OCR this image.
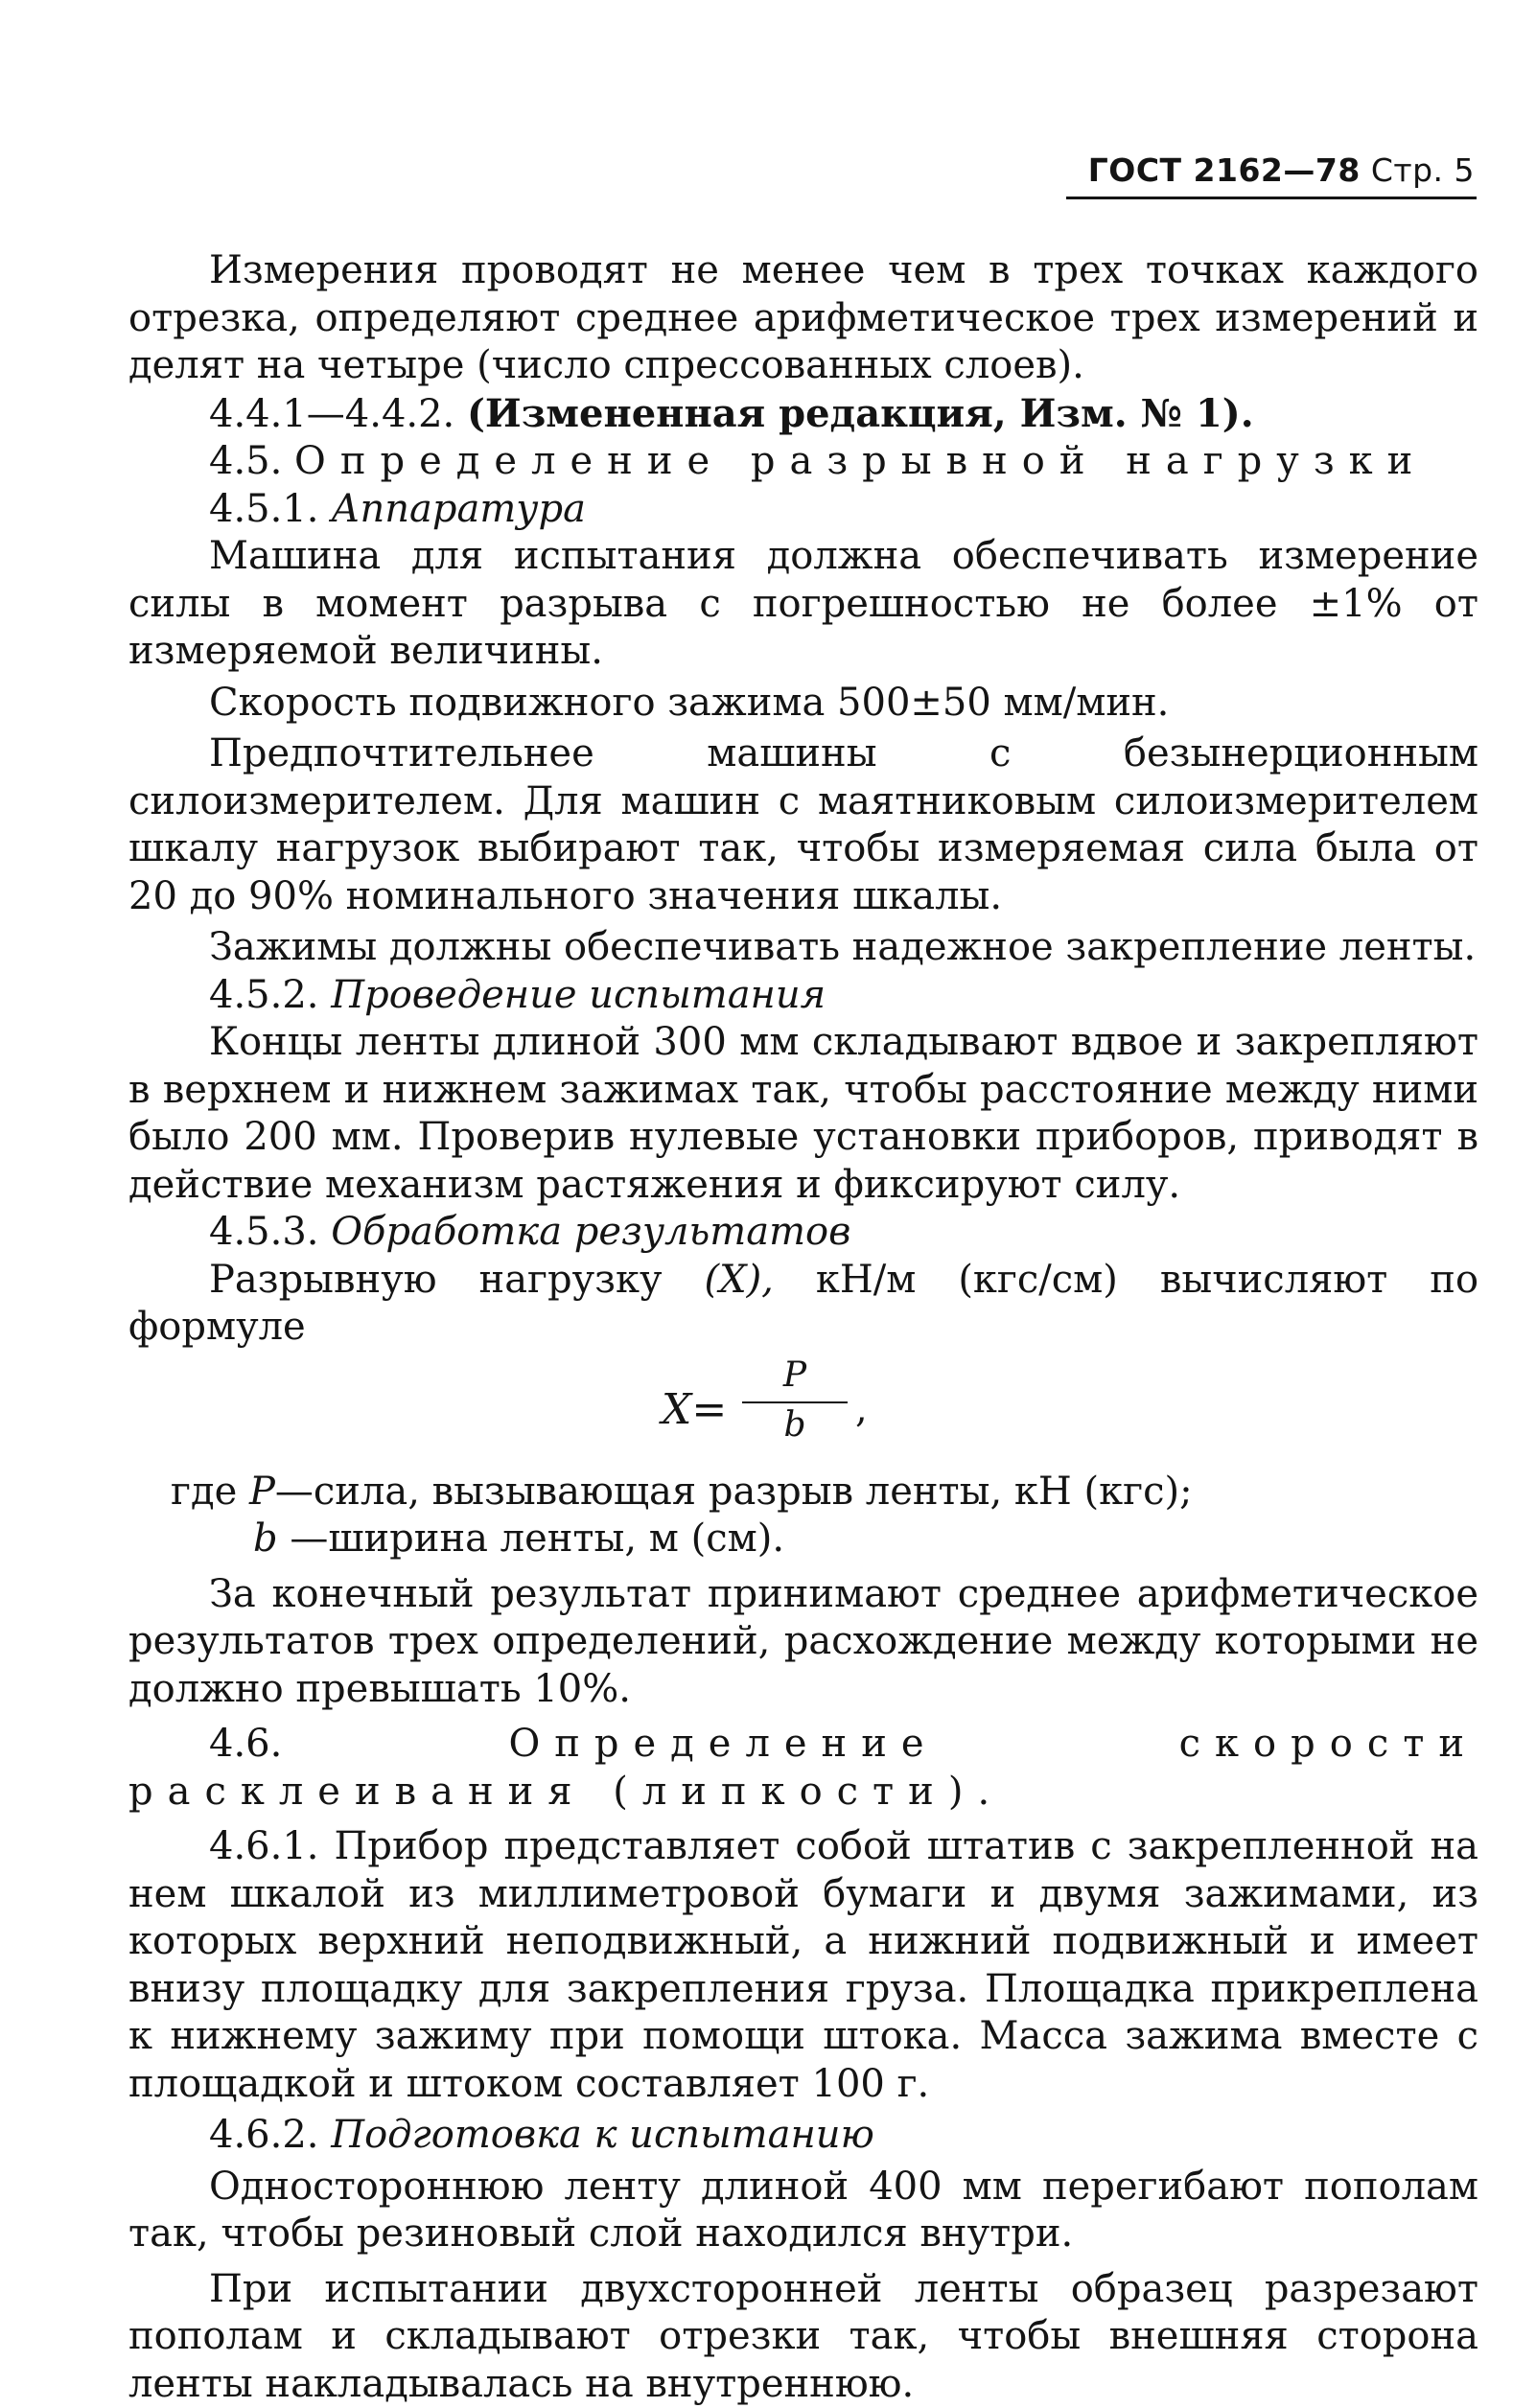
ГОСТ 2162—78 Стр. 5

Измерения проводят не менее чем в трех точках каждого отрезка, определяют среднее арифметическое трех измерений и делят на четыре (число спрессованных слоев).

4.4.1—4.4.2. (Измененная редакция, Изм. № 1).

4.5. Определение разрывной нагрузки

4.5.1. Аппаратура

Машина для испытания должна обеспечивать измерение силы в момент разрыва с погрешностью не более ±1% от измеряемой величины.

Скорость подвижного зажима 500±50 мм/мин.

Предпочтительнее машины с безынерционным силоизмерителем. Для машин с маятниковым силоизмерителем шкалу нагрузок выбирают так, чтобы измеряемая сила была от 20 до 90% номинального значения шкалы.

Зажимы должны обеспечивать надежное закрепление ленты.

4.5.2. Проведение испытания

Концы ленты длиной 300 мм складывают вдвое и закрепляют в верхнем и нижнем зажимах так, чтобы расстояние между ними было 200 мм. Проверив нулевые установки приборов, приводят в действие механизм растяжения и фиксируют силу.

4.5.3. Обработка результатов

Разрывную нагрузку (X), кН/м (кгс/см) вычисляют по формуле

X=
P
b	,

где P—сила, вызывающая разрыв ленты, кН (кгс);

b —ширина ленты, м (см).

За конечный результат принимают среднее арифметическое результатов трех определений, расхождение между которыми не должно превышать 10%.

4.6.	Определение скорости расклеивания (липкости).

4.6.1. Прибор представляет собой штатив с закрепленной на нем шкалой из миллиметровой бумаги и двумя зажимами, из которых верхний неподвижный, а нижний подвижный и имеет внизу площадку для закрепления груза. Площадка прикреплена к нижнему зажиму при помощи штока. Масса зажима вместе с площадкой и штоком составляет 100 г.

4.6.2. Подготовка к испытанию

Одностороннюю ленту длиной 400 мм перегибают пополам так, чтобы резиновый слой находился внутри.

При испытании двухсторонней ленты образец разрезают пополам и складывают отрезки так, чтобы внешняя сторона ленты накладывалась на внутреннюю.
